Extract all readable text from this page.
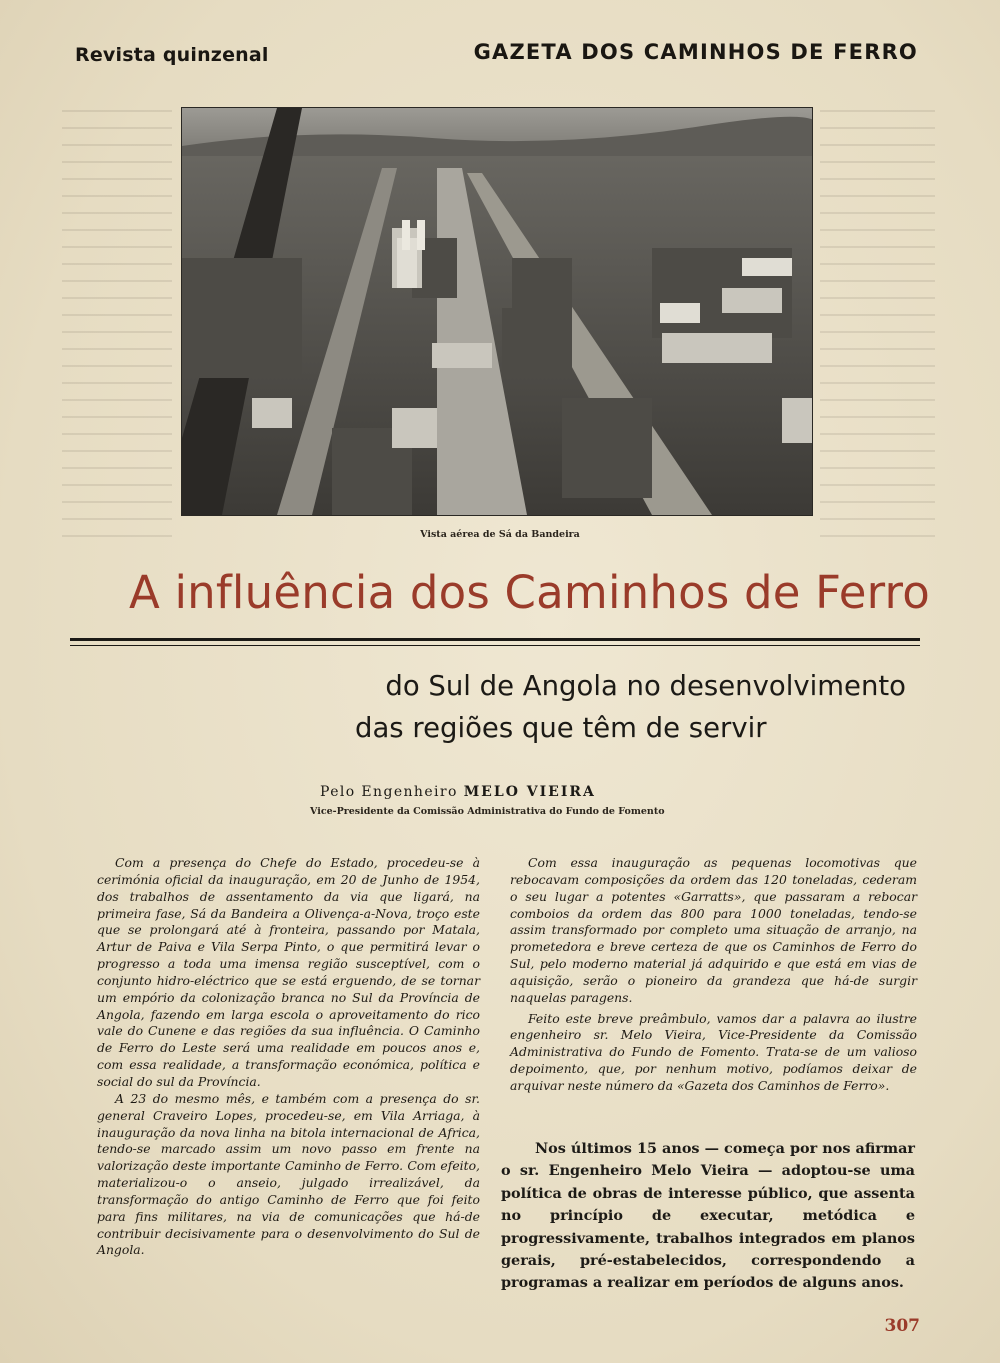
Revista quinzenal	GAZETA DOS CAMINHOS DE FERRO
Vista aérea de Sá da Bandeira
A influência dos Caminhos de Ferro
do Sul de Angola no desenvolvimento
das regiões que têm de servir
Pelo Engenheiro MELO VIEIRA
Vice-Presidente da Comissão Administrativa do Fundo de Fomento

Com a presença do Chefe do Estado, procedeu-se à cerimónia oficial da inauguração, em 20 de Junho de 1954, dos trabalhos de assentamento da via que ligará, na primeira fase, Sá da Bandeira a Olivença-a-Nova, troço este que se prolongará até à fronteira, passando por Matala, Artur de Paiva e Vila Serpa Pinto, o que permitirá levar o progresso a toda uma imensa região susceptível, com o conjunto hidro-eléctrico que se está erguendo, de se tornar um empório da colonização branca no Sul da Província de Angola, fazendo em larga escola o aproveitamento do rico vale do Cunene e das regiões da sua influência. O Caminho de Ferro do Leste será uma realidade em poucos anos e, com essa realidade, a transformação económica, política e social do sul da Província.

A 23 do mesmo mês, e também com a presença do sr. general Craveiro Lopes, procedeu-se, em Vila Arriaga, à inauguração da nova linha na bitola internacional de Africa, tendo-se marcado assim um novo passo em frente na valorização deste importante Caminho de Ferro. Com efeito, materializou-o o anseio, julgado irrealizável, da transformação do antigo Caminho de Ferro que foi feito para fins militares, na via de comunicações que há-de contribuir decisivamente para o desenvolvimento do Sul de Angola.

Com essa inauguração as pequenas locomotivas que rebocavam composições da ordem das 120 toneladas, cederam o seu lugar a potentes «Garratts», que passaram a rebocar comboios da ordem das 800 para 1000 toneladas, tendo-se assim transformado por completo uma situação de arranjo, na prometedora e breve certeza de que os Caminhos de Ferro do Sul, pelo moderno material já adquirido e que está em vias de aquisição, serão o pioneiro da grandeza que há-de surgir naquelas paragens.

Feito este breve preâmbulo, vamos dar a palavra ao ilustre engenheiro sr. Melo Vieira, Vice-Presidente da Comissão Administrativa do Fundo de Fomento. Trata-se de um valioso depoimento, que, por nenhum motivo, podíamos deixar de arquivar neste número da «Gazeta dos Caminhos de Ferro».

Nos últimos 15 anos — começa por nos afirmar o sr. Engenheiro Melo Vieira — adoptou-se uma política de obras de interesse público, que assenta no princípio de executar, metódica e progressivamente, trabalhos integrados em planos gerais, pré-estabelecidos, correspondendo a programas a realizar em períodos de alguns anos.

307
